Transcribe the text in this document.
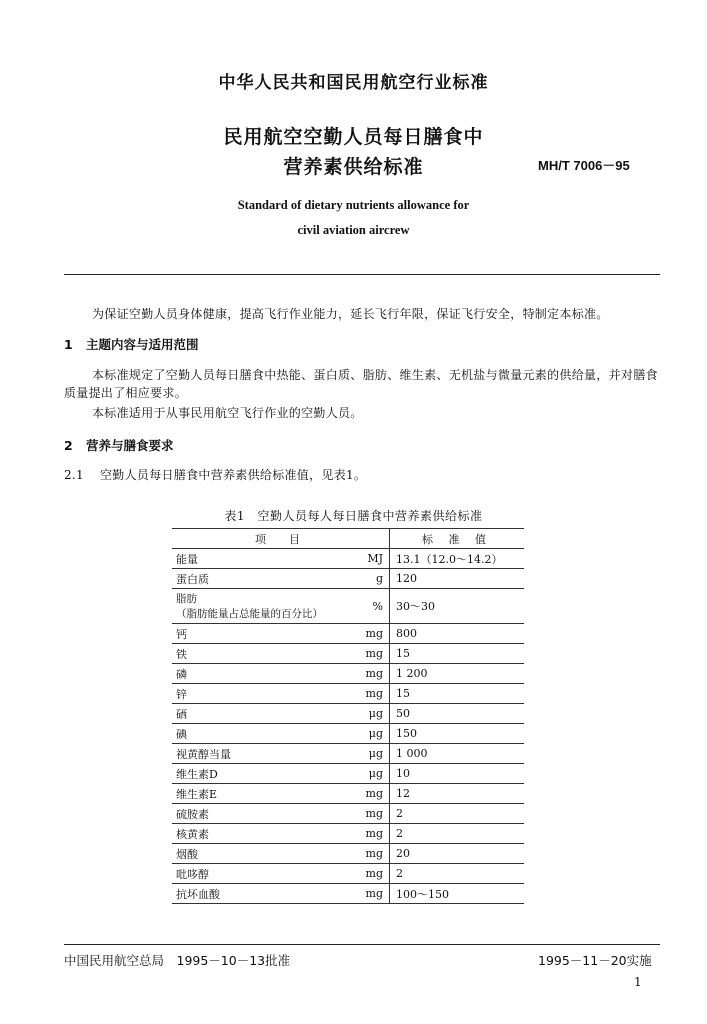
中华人民共和国民用航空行业标准
民用航空空勤人员每日膳食中
营养素供给标准	MH/T 7006－95
Standard of dietary nutrients allowance for
civil aviation aircrew
为保证空勤人员身体健康，提高飞行作业能力，延长飞行年限，保证飞行安全，特制定本标准。
1 主题内容与适用范围
本标准规定了空勤人员每日膳食中热能、蛋白质、脂肪、维生素、无机盐与微量元素的供给量，并对膳食质量提出了相应要求。
本标准适用于从事民用航空飞行作业的空勤人员。
2 营养与膳食要求
2.1 空勤人员每日膳食中营养素供给标准值，见表1。
表1　空勤人员每人每日膳食中营养素供给标准
项　目		标 准 值
能量	MJ	13.1（12.0～14.2）
蛋白质	g	120

脂肪
（脂肪能量占总能量的百分比）	%	30～30
钙	mg	800
铁	mg	15
磷	mg	1 200
锌	mg	15
硒	μg	50
碘	μg	150
视黄醇当量	μg	1 000
维生素D	μg	10
维生素E	mg	12
硫胺素	mg	2
核黄素	mg	2
烟酸	mg	20
吡哆醇	mg	2
抗坏血酸	mg	100～150
中国民用航空总局　1995－10－13批准	1995－11－20实施
1
